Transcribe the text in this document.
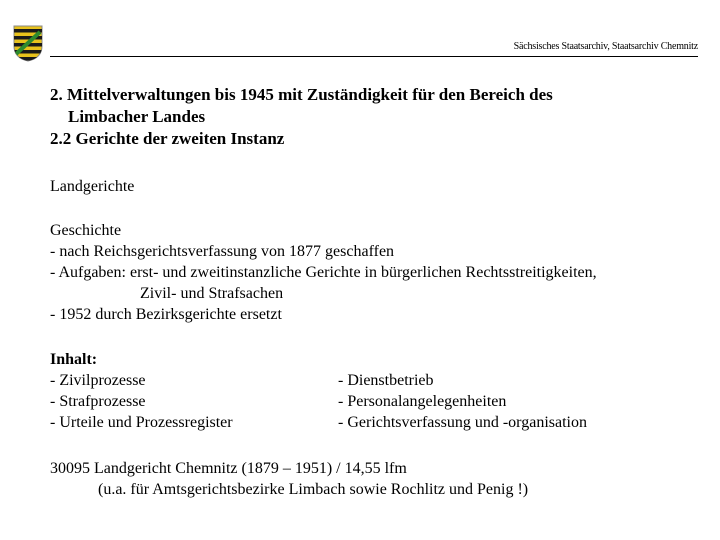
Sächsisches Staatsarchiv, Staatsarchiv Chemnitz
2. Mittelverwaltungen bis 1945 mit Zuständigkeit für den Bereich des
Limbacher Landes
2.2 Gerichte der zweiten Instanz
Landgerichte
Geschichte
- nach Reichsgerichtsverfassung von 1877 geschaffen
- Aufgaben: erst- und zweitinstanzliche Gerichte in bürgerlichen Rechtsstreitigkeiten,
Zivil- und Strafsachen
- 1952 durch Bezirksgerichte ersetzt
Inhalt:
- Zivilprozesse
- Strafprozesse
- Urteile und Prozessregister
- Dienstbetrieb
- Personalangelegenheiten
- Gerichtsverfassung und -organisation
30095 Landgericht Chemnitz (1879 – 1951) / 14,55 lfm
(u.a. für Amtsgerichtsbezirke Limbach sowie Rochlitz und Penig !)
